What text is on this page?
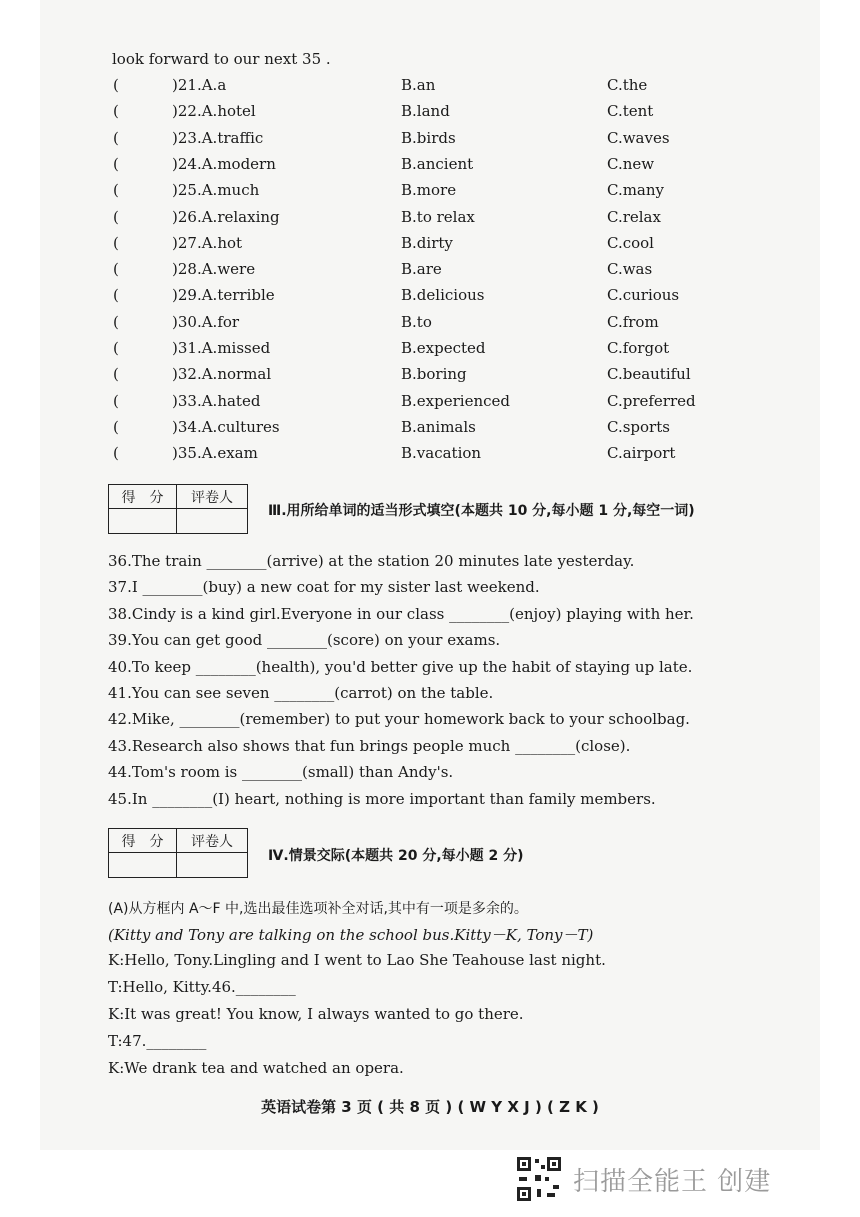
look forward to our next 35 .
(	)21.A.a	B.an	C.the
(	)22.A.hotel	B.land	C.tent
(	)23.A.traffic	B.birds	C.waves
(	)24.A.modern	B.ancient	C.new
(	)25.A.much	B.more	C.many
(	)26.A.relaxing	B.to relax	C.relax
(	)27.A.hot	B.dirty	C.cool
(	)28.A.were	B.are	C.was
(	)29.A.terrible	B.delicious	C.curious
(	)30.A.for	B.to	C.from
(	)31.A.missed	B.expected	C.forgot
(	)32.A.normal	B.boring	C.beautiful
(	)33.A.hated	B.experienced	C.preferred
(	)34.A.cultures	B.animals	C.sports
(	)35.A.exam	B.vacation	C.airport
得　分	评卷人
Ⅲ.用所给单词的适当形式填空(本题共 10 分,每小题 1 分,每空一词)
36.The train ________(arrive) at the station 20 minutes late yesterday.
37.I ________(buy) a new coat for my sister last weekend.
38.Cindy is a kind girl.Everyone in our class ________(enjoy) playing with her.
39.You can get good ________(score) on your exams.
40.To keep ________(health), you'd better give up the habit of staying up late.
41.You can see seven ________(carrot) on the table.
42.Mike, ________(remember) to put your homework back to your schoolbag.
43.Research also shows that fun brings people much ________(close).
44.Tom's room is ________(small) than Andy's.
45.In ________(I) heart, nothing is more important than family members.
得　分	评卷人
Ⅳ.情景交际(本题共 20 分,每小题 2 分)
(A)从方框内 A～F 中,选出最佳选项补全对话,其中有一项是多余的。
(Kitty and Tony are talking on the school bus.Kitty－K, Tony－T)
K:Hello, Tony.Lingling and I went to Lao She Teahouse last night.
T:Hello, Kitty.46.________
K:It was great! You know, I always wanted to go there.
T:47.________
K:We drank tea and watched an opera.
英语试卷第 3 页 ( 共 8 页 ) ( W Y X J ) ( Z K )
扫描全能王 创建
